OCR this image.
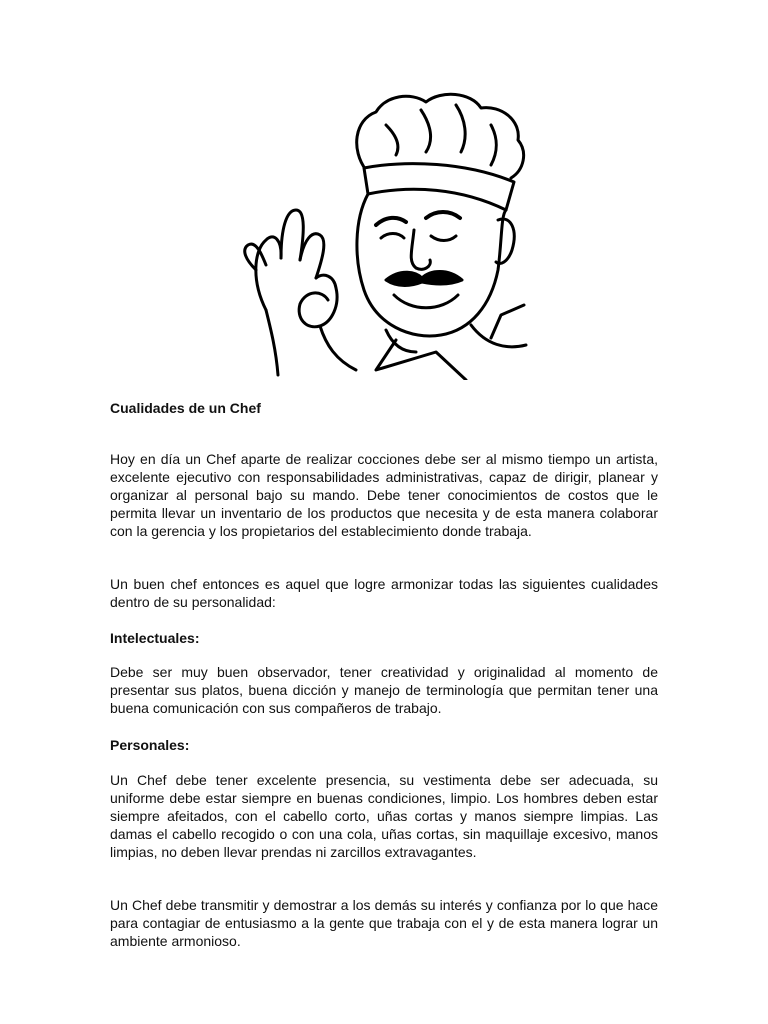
Cualidades de un Chef
Hoy en día un Chef aparte de realizar cocciones debe ser al mismo tiempo un artista, excelente ejecutivo con responsabilidades administrativas, capaz de dirigir, planear y organizar al personal bajo su mando. Debe tener conocimientos de costos que le permita llevar un inventario de los productos que necesita y de esta manera colaborar con la gerencia y los propietarios del establecimiento donde trabaja.
Un buen chef entonces es aquel que logre armonizar todas las siguientes cualidades dentro de su personalidad:
Intelectuales:
Debe ser muy buen observador, tener creatividad y originalidad al momento de presentar sus platos, buena dicción y manejo de terminología que permitan tener una buena comunicación con sus compañeros de trabajo.
Personales:
Un Chef debe tener excelente presencia, su vestimenta debe ser adecuada, su uniforme debe estar siempre en buenas condiciones, limpio. Los hombres deben estar siempre afeitados, con el cabello corto, uñas cortas y manos siempre limpias. Las damas el cabello recogido o con una cola, uñas cortas, sin maquillaje excesivo, manos limpias, no deben llevar prendas ni zarcillos extravagantes.
Un Chef debe transmitir y demostrar a los demás su interés y confianza por lo que hace para contagiar de entusiasmo a la gente que trabaja con el y de esta manera lograr un ambiente armonioso.
